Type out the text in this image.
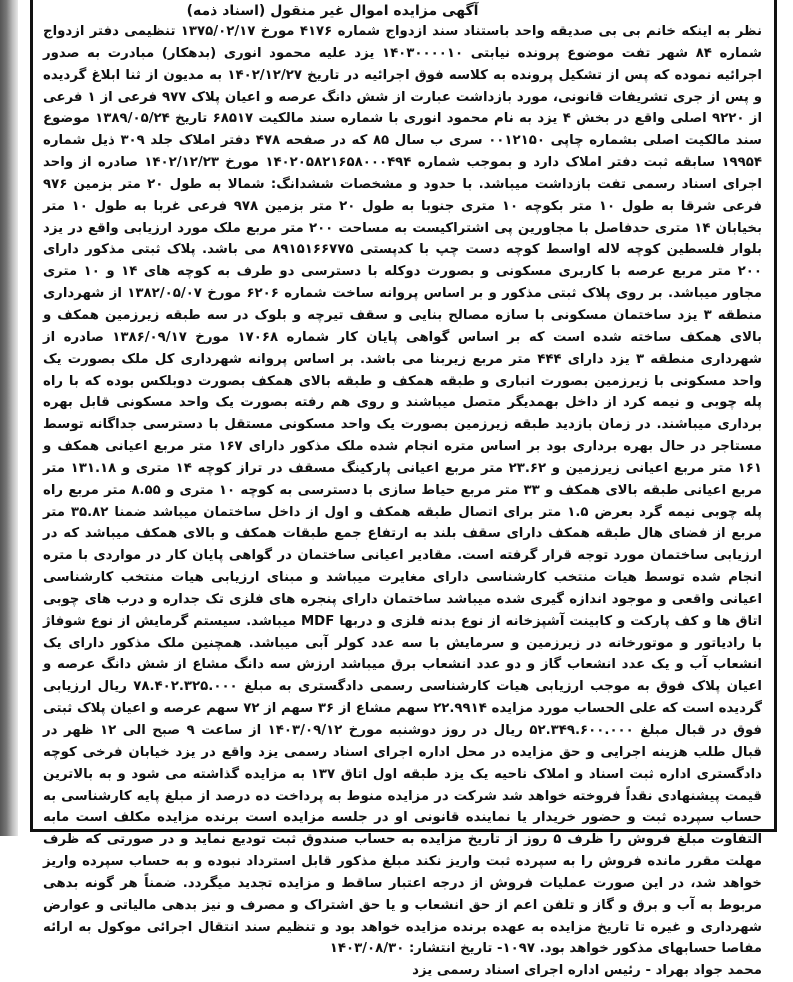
آگهی مزایده اموال غیر منقول (اسناد ذمه)

نظر به اینکه خانم بی بی صدیقه واحد باستناد سند ازدواج شماره ۴۱۷۶ مورخ ۱۳۷۵/۰۲/۱۷ تنظیمی دفتر ازدواج شماره ۸۴ شهر تفت موضوع پرونده نیابتی ۱۴۰۳۰۰۰۰۱۰ یزد علیه محمود انوری (بدهکار) مبادرت به صدور اجرائیه نموده که پس از تشکیل پرونده به کلاسه فوق اجرائیه در تاریخ ۱۴۰۲/۱۲/۲۷ به مدیون از ثنا ابلاغ گردیده و پس از جری تشریفات قانونی، مورد بازداشت عبارت از شش دانگ عرصه و اعیان پلاک ۹۷۷ فرعی از ۱ فرعی از ۹۲۲۰ اصلی واقع در بخش ۴ یزد به نام محمود انوری با شماره سند مالکیت ۶۸۵۱۷ تاریخ ۱۳۸۹/۰۵/۲۴ موضوع سند مالکیت اصلی بشماره چاپی ۰۰۱۲۱۵۰ سری ب سال ۸۵ که در صفحه ۴۷۸ دفتر املاک جلد ۳۰۹ ذیل شماره ۱۹۹۵۴ سابقه ثبت دفتر املاک دارد و بموجب شماره ۱۴۰۲۰۵۸۲۱۶۵۸۰۰۰۴۹۴ مورخ ۱۴۰۲/۱۲/۲۳ صادره از واحد اجرای اسناد رسمی تفت بازداشت میباشد. با حدود و مشخصات ششدانگ: شمالا به طول ۲۰ متر بزمین ۹۷۶ فرعی شرقا به طول ۱۰ متر بکوچه ۱۰ متری جنوبا به طول ۲۰ متر بزمین ۹۷۸ فرعی غربا به طول ۱۰ متر بخیابان ۱۴ متری حدفاصل با مجاورین پی اشتراکیست به مساحت ۲۰۰ متر مربع ملک مورد ارزیابی واقع در یزد بلوار فلسطین کوچه لاله اواسط کوچه دست چپ با کدپستی ۸۹۱۵۱۶۶۷۷۵ می باشد. پلاک ثبتی مذکور دارای ۲۰۰ متر مربع عرصه با کاربری مسکونی و بصورت دوکله با دسترسی دو طرف به کوچه های ۱۴ و ۱۰ متری مجاور میباشد. بر روی پلاک ثبتی مذکور و بر اساس پروانه ساخت شماره ۶۲۰۶ مورخ ۱۳۸۲/۰۵/۰۷ از شهرداری منطقه ۳ یزد ساختمان مسکونی با سازه مصالح بنایی و سقف تیرچه و بلوک در سه طبقه زیرزمین همکف و بالای همکف ساخته شده است که بر اساس گواهی پایان کار شماره ۱۷۰۶۸ مورخ ۱۳۸۶/۰۹/۱۷ صادره از شهرداری منطقه ۳ یزد دارای ۴۴۴ متر مربع زیربنا می باشد. بر اساس پروانه شهرداری کل ملک بصورت یک واحد مسکونی با زیرزمین بصورت انباری و طبقه همکف و طبقه بالای همکف بصورت دوبلکس بوده که با راه پله چوبی و نیمه کرد از داخل بهمدیگر متصل میباشند و روی هم رفته بصورت یک واحد مسکونی قابل بهره برداری میباشند. در زمان بازدید طبقه زیرزمین بصورت یک واحد مسکونی مستقل با دسترسی جداگانه توسط مستاجر در حال بهره برداری بود بر اساس متره انجام شده ملک مذکور دارای ۱۶۷ متر مربع اعیانی همکف و ۱۶۱ متر مربع اعیانی زیرزمین و ۲۳.۶۲ متر مربع اعیانی پارکینگ مسقف در تراز کوچه ۱۴ متری و ۱۳۱.۱۸ متر مربع اعیانی طبقه بالای همکف و ۳۳ متر مربع حیاط سازی با دسترسی به کوچه ۱۰ متری و ۸.۵۵ متر مربع راه پله چوبی نیمه گرد بعرض ۱.۵ متر برای اتصال طبقه همکف و اول از داخل ساختمان میباشد ضمنا ۳۵.۸۲ متر مربع از فضای هال طبقه همکف دارای سقف بلند به ارتفاع جمع طبقات همکف و بالای همکف میباشد که در ارزیابی ساختمان مورد توجه قرار گرفته است. مقادیر اعیانی ساختمان در گواهی پایان کار در مواردی با متره انجام شده توسط هیات منتخب کارشناسی دارای مغایرت میباشد و مبنای ارزیابی هیات منتخب کارشناسی اعیانی واقعی و موجود اندازه گیری شده میباشد ساختمان دارای پنجره های فلزی تک جداره و درب های چوبی اتاق ها و کف پارکت و کابینت آشپزخانه از نوع بدنه فلزی و دربها MDF میباشد. سیستم گرمایش از نوع شوفاژ با رادیاتور و موتورخانه در زیرزمین و سرمایش با سه عدد کولر آبی میباشد. همچنین ملک مذکور دارای یک انشعاب آب و یک عدد انشعاب گاز و دو عدد انشعاب برق میباشد ارزش سه دانگ مشاع از شش دانگ عرصه و اعیان پلاک فوق به موجب ارزیابی هیات کارشناسی رسمی دادگستری به مبلغ ۷۸.۴۰۲.۳۲۵.۰۰۰ ریال ارزیابی گردیده است که علی الحساب مورد مزایده ۲۲.۹۹۱۴ سهم مشاع از ۳۶ سهم از ۷۲ سهم عرصه و اعیان پلاک ثبتی فوق در قبال مبلغ ۵۲.۳۴۹.۶۰۰.۰۰۰ ریال در روز دوشنبه مورخ ۱۴۰۳/۰۹/۱۲ از ساعت ۹ صبح الی ۱۲ ظهر در قبال طلب هزینه اجرایی و حق مزایده در محل اداره اجرای اسناد رسمی یزد واقع در یزد خیابان فرخی کوچه دادگستری اداره ثبت اسناد و املاک ناحیه یک یزد طبقه اول اتاق ۱۳۷ به مزایده گذاشته می شود و به بالاترین قیمت پیشنهادی نقداً فروخته خواهد شد شرکت در مزایده منوط به پرداخت ده درصد از مبلغ پایه کارشناسی به حساب سپرده ثبت و حضور خریدار یا نماینده قانونی او در جلسه مزایده است برنده مزایده مکلف است مابه التفاوت مبلغ فروش را ظرف ۵ روز از تاریخ مزایده به حساب صندوق ثبت تودیع نماید و در صورتی که ظرف مهلت مقرر مانده فروش را به سپرده ثبت واریز نکند مبلغ مذکور قابل استرداد نبوده و به حساب سپرده واریز خواهد شد، در این صورت عملیات فروش از درجه اعتبار ساقط و مزایده تجدید میگردد. ضمناً هر گونه بدهی مربوط به آب و برق و گاز و تلفن اعم از حق انشعاب و یا حق اشتراک و مصرف و نیز بدهی مالیاتی و عوارض شهرداری و غیره تا تاریخ مزایده به عهده برنده مزایده خواهد بود و تنظیم سند انتقال اجرائی موکول به ارائه مفاصا حسابهای مذکور خواهد بود. ۱۰۹۷- تاریخ انتشار: ۱۴۰۳/۰۸/۳۰

محمد جواد بهراد - رئیس اداره اجرای اسناد رسمی یزد
